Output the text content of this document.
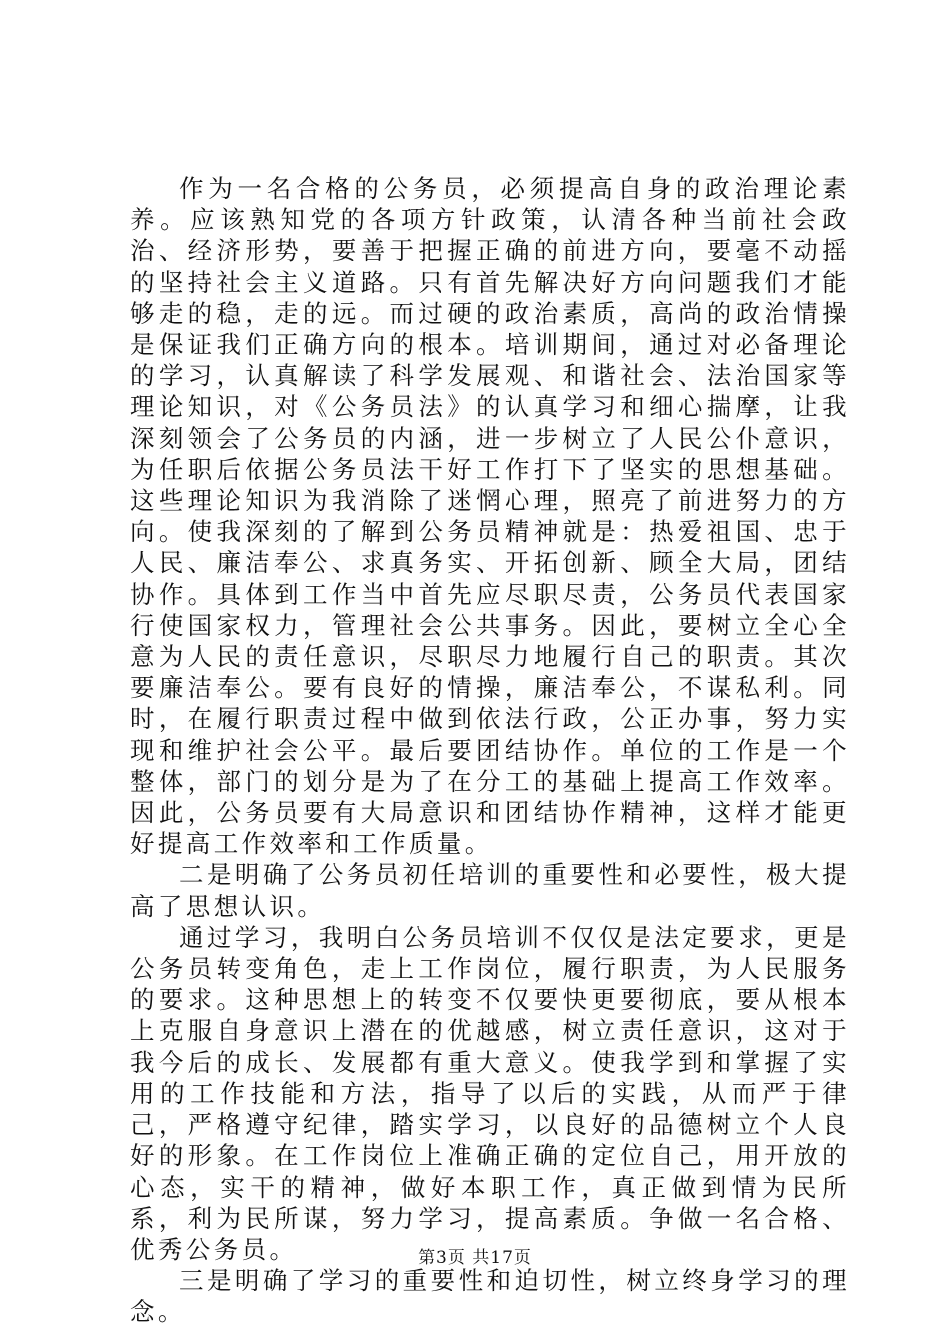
作为一名合格的公务员，必须提高自身的政治理论素养。应该熟知党的各项方针政策，认清各种当前社会政治、经济形势，要善于把握正确的前进方向，要毫不动摇的坚持社会主义道路。只有首先解决好方向问题我们才能够走的稳，走的远。而过硬的政治素质，高尚的政治情操是保证我们正确方向的根本。培训期间，通过对必备理论的学习，认真解读了科学发展观、和谐社会、法治国家等理论知识，对《公务员法》的认真学习和细心揣摩，让我深刻领会了公务员的内涵，进一步树立了人民公仆意识，为任职后依据公务员法干好工作打下了坚实的思想基础。这些理论知识为我消除了迷惘心理，照亮了前进努力的方向。使我深刻的了解到公务员精神就是：热爱祖国、忠于人民、廉洁奉公、求真务实、开拓创新、顾全大局，团结协作。具体到工作当中首先应尽职尽责，公务员代表国家行使国家权力，管理社会公共事务。因此，要树立全心全意为人民的责任意识，尽职尽力地履行自己的职责。其次要廉洁奉公。要有良好的情操，廉洁奉公，不谋私利。同时，在履行职责过程中做到依法行政，公正办事，努力实现和维护社会公平。最后要团结协作。单位的工作是一个整体，部门的划分是为了在分工的基础上提高工作效率。因此，公务员要有大局意识和团结协作精神，这样才能更好提高工作效率和工作质量。

二是明确了公务员初任培训的重要性和必要性，极大提高了思想认识。

通过学习，我明白公务员培训不仅仅是法定要求，更是公务员转变角色，走上工作岗位，履行职责，为人民服务的要求。这种思想上的转变不仅要快更要彻底，要从根本上克服自身意识上潜在的优越感，树立责任意识，这对于我今后的成长、发展都有重大意义。使我学到和掌握了实用的工作技能和方法，指导了以后的实践，从而严于律己，严格遵守纪律，踏实学习，以良好的品德树立个人良好的形象。在工作岗位上准确正确的定位自己，用开放的心态，实干的精神，做好本职工作，真正做到情为民所系，利为民所谋，努力学习，提高素质。争做一名合格、优秀公务员。

三是明确了学习的重要性和迫切性，树立终身学习的理念。

第3页 共17页
